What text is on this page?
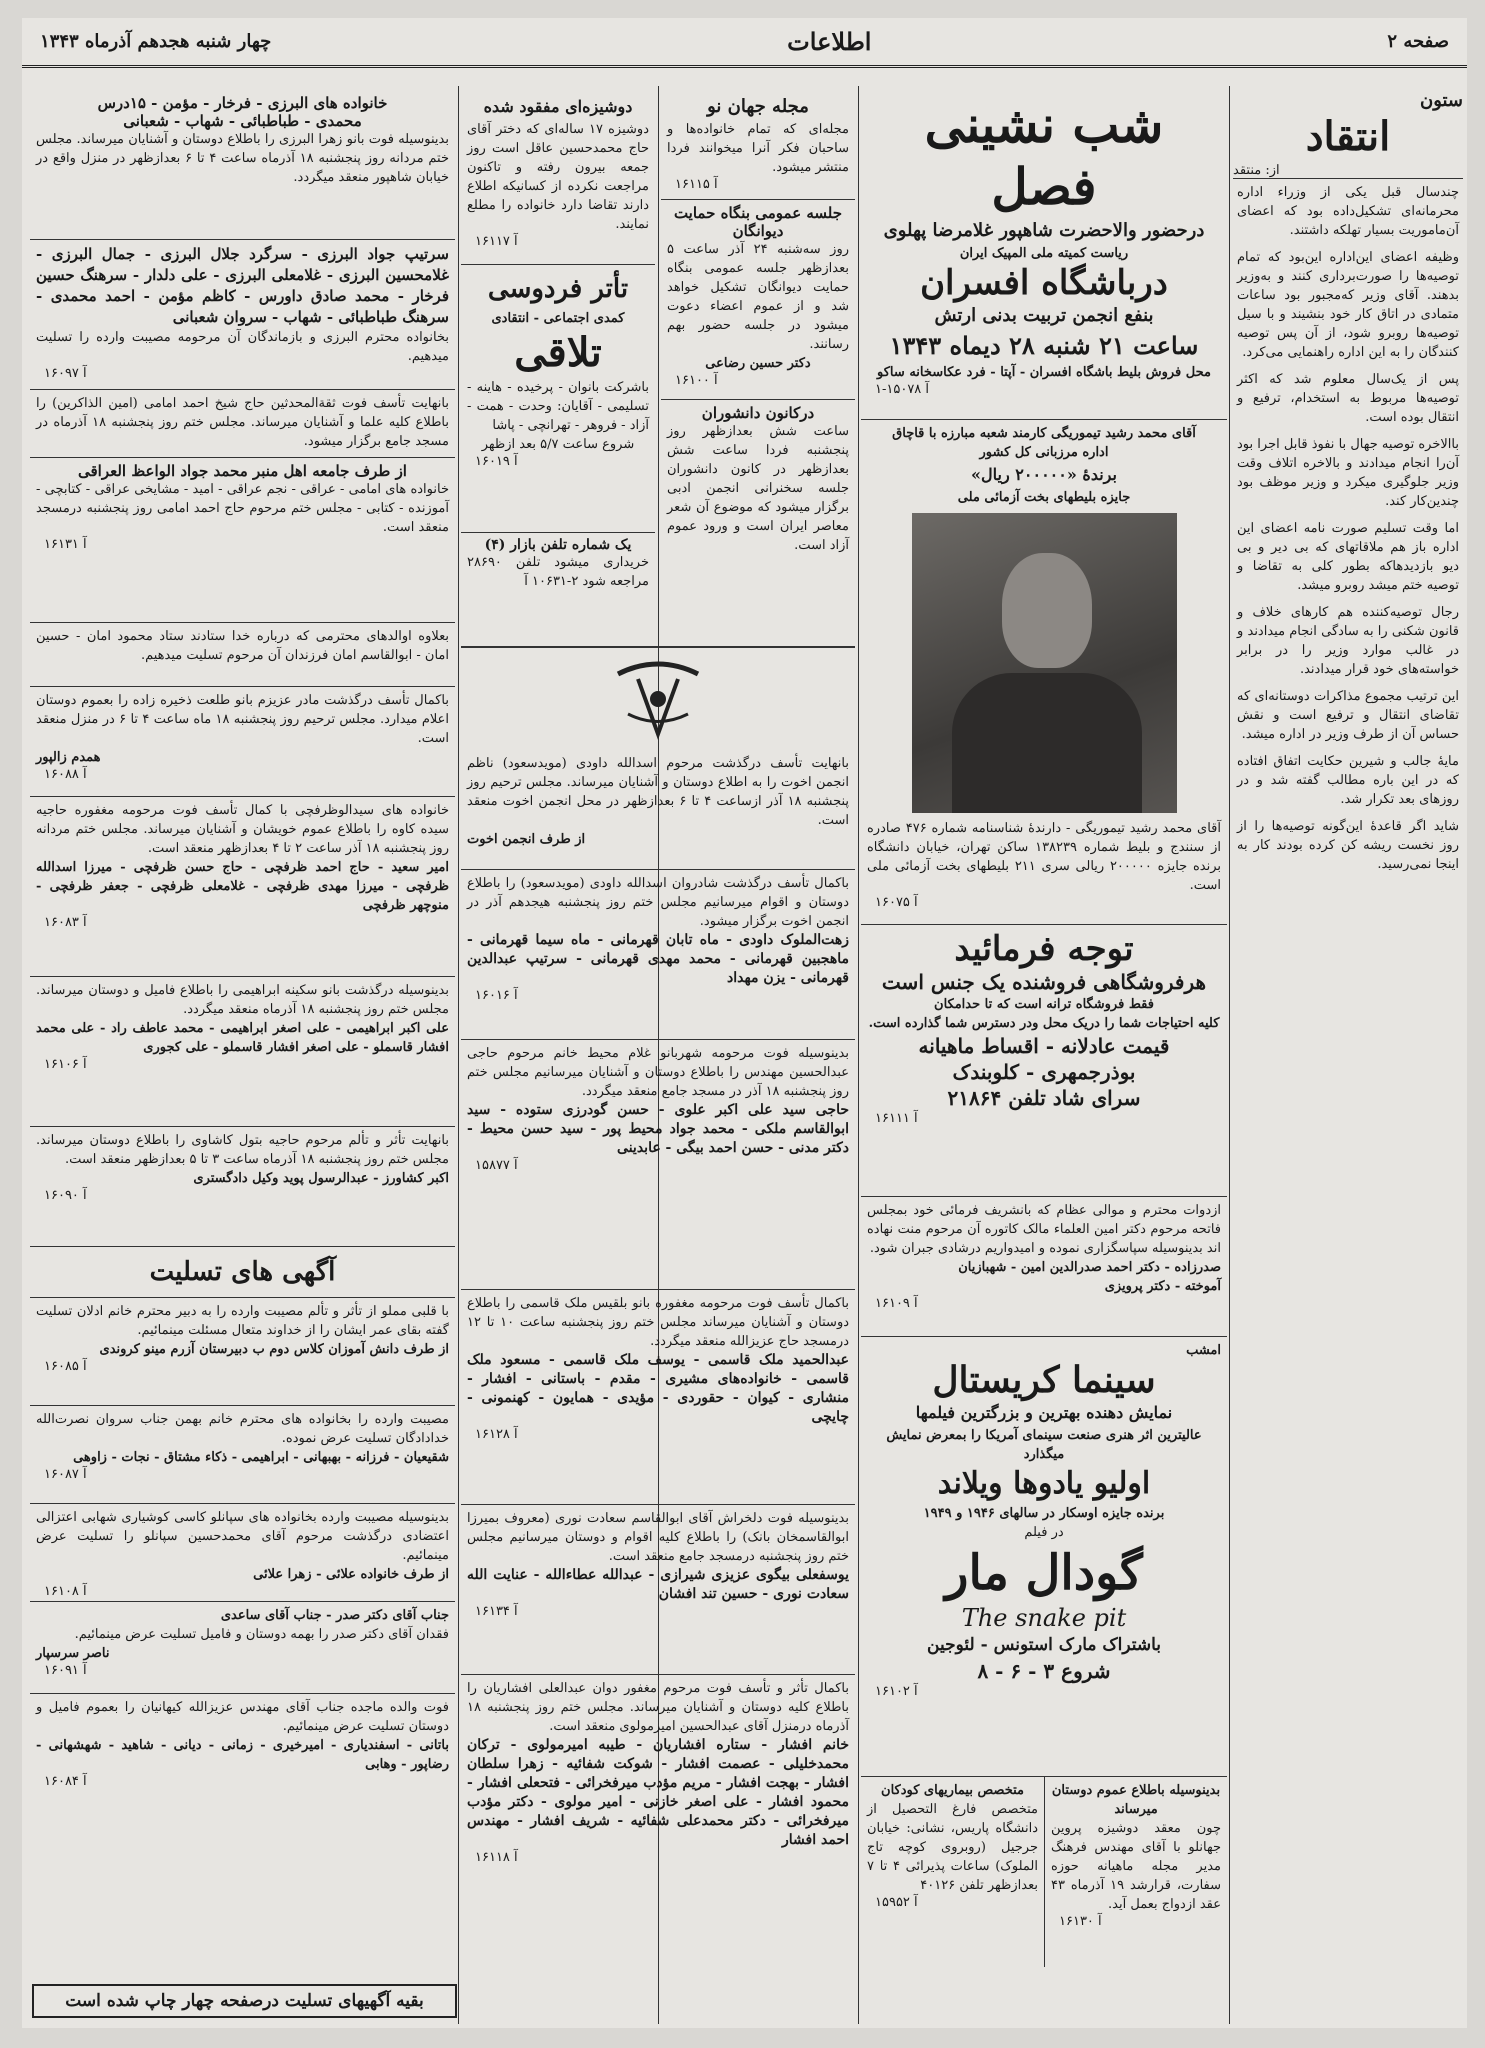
صفحه ۲
اطلاعات
چهار شنبه هجدهم آذرماه ۱۳۴۳
ستون
انتقاد
از: منتقد

چندسال قبل یکی از وزراء اداره محرمانه‌ای تشکیل‌داده بود که اعضای آن‌ماموریت بسیار تهلکه داشتند.

وظیفه اعضای این‌اداره این‌بود که تمام توصیه‌ها را صورت‌برداری کنند و به‌وزیر بدهند. آقای وزیر که‌مجبور بود ساعات متمادی در اتاق کار خود بنشیند و با سیل توصیه‌ها روبرو شود، از آن پس توصیه کنندگان را به این اداره راهنمایی می‌کرد.

پس از یک‌سال معلوم شد که اکثر توصیه‌ها مربوط به استخدام، ترفیع و انتقال بوده است.

باالاخره توصیه جهال با نفوذ قابل اجرا بود آن‌را انجام میدادند و بالاخره اتلاف وقت وزیر جلوگیری میکرد و وزیر موظف بود چندین‌کار کند.

اما وقت تسلیم صورت نامه اعضای این اداره باز هم ملاقاتهای که بی دیر و بی دیو بازدیدهاکه بطور کلی به تقاضا و توصیه ختم میشد روبرو میشد.

رجال توصیه‌کننده هم کارهای خلاف و قانون شکنی را به سادگی انجام میدادند و در غالب موارد وزیر را در برابر خواسته‌های خود قرار میدادند.

این ترتیب مجموع مذاکرات دوستانه‌ای که تقاضای انتقال و ترفیع است و نقش حساس آن از طرف وزیر در اداره میشد.

مایهٔ جالب و شیرین حکایت اتفاق افتاده که در این باره مطالب گفته شد و در روزهای بعد تکرار شد.

شاید اگر قاعدهٔ این‌گونه توصیه‌ها را از روز نخست ریشه کن کرده بودند کار به اینجا نمی‌رسید.

شب نشینی فصل
درحضور والاحضرت شاهپور غلامرضا پهلوی
ریاست کمیته ملی المپیک ایران
درباشگاه افسران
بنفع انجمن تربیت بدنی ارتش
ساعت ۲۱ شنبه ۲۸ دیماه ۱۳۴۳
محل فروش بلیط باشگاه افسران - آپتا - فرد عکاسخانه ساکو
۱-۱۵۰۷۸ آ
آقای محمد رشید تیموریگی کارمند شعبه مبارزه با قاچاق
اداره مرزبانی کل کشور
برندهٔ «۲۰۰۰۰۰ ریال»
جایزه بلیطهای بخت آزمائی ملی
آقای محمد رشید تیموریگی - دارندهٔ شناسنامه شماره ۴۷۶ صادره از سنندج و بلیط شماره ۱۳۸۲۳۹ ساکن تهران، خیابان دانشگاه برنده جایزه ۲۰۰۰۰۰ ریالی سری ۲۱۱ بلیطهای بخت آزمائی ملی است.
۱۶۰۷۵ آ
توجه فرمائید
هرفروشگاهی فروشنده یک جنس است
فقط فروشگاه ترانه است که تا حدامکان
کلیه احتیاجات شما را دریک محل ودر دسترس شما گذارده است.
قیمت عادلانه - اقساط ماهیانه
بوذرجمهری - کلوبندک
سرای شاد تلفن ۲۱۸۶۴
۱۶۱۱۱ آ
ازدوات محترم و موالی عظام که بانشریف فرمائی خود بمجلس فاتحه مرحوم دکتر امین العلماء مالک کاتوره آن مرحوم منت نهاده اند بدینوسیله سپاسگزاری نموده و امیدواریم درشادی جبران شود.
صدرزاده - دکتر احمد صدرالدین امین - شهبازیان
آموخته - دکتر پرویزی
۱۶۱۰۹ آ
امشب
سینما کریستال
نمایش دهنده بهترین و بزرگترین فیلمها
عالیترین اثر هنری صنعت سینمای آمریکا را بمعرض نمایش میگذارد
اولیو یادوها ویلاند
برنده جایزه اوسکار در سالهای ۱۹۴۶ و ۱۹۴۹
در فیلم
گودال مار
The snake pit
باشتراک مارک استونس - لئوجین
شروع ۳ - ۶ - ۸
۱۶۱۰۲ آ
بدینوسیله باطلاع عموم دوستان میرساند
چون معقد دوشیزه پروین جهانلو با آقای مهندس فرهنگ مدیر مجله ماهیانه حوزه سفارت، قرارشد ۱۹ آذرماه ۴۳ عقد ازدواج بعمل آید.
۱۶۱۳۰ آ
متخصص بیماریهای کودکان
متخصص فارغ التحصیل از دانشگاه پاریس، نشانی: خیابان جرجیل (روبروی کوچه تاج الملوک) ساعات پذیرائی ۴ تا ۷ بعدازظهر تلفن ۴۰۱۲۶
۱۵۹۵۲ آ
مجله جهان نو
مجله‌ای که تمام خانواده‌ها و ساحبان فکر آنرا میخوانند فردا منتشر میشود.
۱۶۱۱۵ آ
جلسه عمومی بنگاه حمایت دیوانگان
روز سه‌شنبه ۲۴ آذر ساعت ۵ بعدازظهر جلسه عمومی بنگاه حمایت دیوانگان تشکیل خواهد شد و از عموم اعضاء دعوت میشود در جلسه حضور بهم رسانند.
دکتر حسین رضاعی
۱۶۱۰۰ آ
درکانون دانشوران
ساعت شش بعدازظهر روز پنجشنبه فردا ساعت شش بعدازظهر در کانون دانشوران جلسه سخنرانی انجمن ادبی برگزار میشود که موضوع آن شعر معاصر ایران است و ورود عموم آزاد است.
دوشیزه‌ای مفقود شده
دوشیزه ۱۷ ساله‌ای که دختر آقای حاج محمدحسین عاقل است روز جمعه بیرون رفته و تاکنون مراجعت نکرده از کسانیکه اطلاع دارند تقاضا دارد خانواده را مطلع نمایند.
۱۶۱۱۷ آ
تأتر فردوسی
کمدی اجتماعی - انتقادی
تلاقی
باشرکت بانوان - پرخیده - هاینه - تسلیمی - آقایان: وحدت - همت - آزاد - فروهر - تهرانچی - پاشا
شروع ساعت ۵/۷ بعد ازظهر
۱۶۰۱۹ آ
یک شماره تلفن بازار (۴)
خریداری میشود تلفن ۲۸۶۹۰ مراجعه شود ۲-۱۰۶۳۱ آ
بانهایت تأسف درگذشت مرحوم اسدالله داودی (مویدسعود) ناظم انجمن اخوت را به اطلاع دوستان و آشنایان میرساند. مجلس ترحیم روز پنجشنبه ۱۸ آذر ازساعت ۴ تا ۶ بعدازظهر در محل انجمن اخوت منعقد است.
از طرف انجمن اخوت
باکمال تأسف درگذشت شادروان اسدالله داودی (مویدسعود) را باطلاع دوستان و اقوام میرسانیم مجلس ختم روز پنجشنبه هیجدهم آذر در انجمن اخوت برگزار میشود.
زهت‌الملوک داودی - ماه تابان قهرمانی - ماه سیما قهرمانی - ماهجبین قهرمانی - محمد مهدی قهرمانی - سرتیپ عبدالدین قهرمانی - یزن مهداد
۱۶۰۱۶ آ
بدینوسیله فوت مرحومه شهربانو غلام محیط خانم مرحوم حاجی عبدالحسین مهندس را باطلاع دوستان و آشنایان میرسانیم مجلس ختم روز پنجشنبه ۱۸ آذر در مسجد جامع منعقد میگردد.
حاجی سید علی اکبر علوی - حسن گودرزی ستوده - سید ابوالقاسم ملکی - محمد جواد محیط پور - سید حسن محیط - دکتر مدنی - حسن احمد بیگی - عابدینی
۱۵۸۷۷ آ
باکمال تأسف فوت مرحومه مغفوره بانو بلقیس ملک قاسمی را باطلاع دوستان و آشنایان میرساند مجلس ختم روز پنجشنبه ساعت ۱۰ تا ۱۲ درمسجد حاج عزیزالله منعقد میگردد.
عبدالحمید ملک قاسمی - یوسف ملک قاسمی - مسعود ملک قاسمی - خانواده‌های مشیری - مقدم - باستانی - افشار - منشاری - کیوان - حقوردی - مؤیدی - همایون - کهنمونی - چایچی
۱۶۱۲۸ آ
بدینوسیله فوت دلخراش آقای ابوالقاسم سعادت نوری (معروف بمیرزا ابوالقاسمخان بانک) را باطلاع کلیه اقوام و دوستان میرسانیم مجلس ختم روز پنجشنبه درمسجد جامع منعقد است.
یوسفعلی بیگوی عزیزی شیرازی - عبدالله عطاءالله - عنایت الله سعادت نوری - حسین تند افشان
۱۶۱۳۴ آ
باکمال تأثر و تأسف فوت مرحوم مغفور دوان عبدالعلی افشاریان را باطلاع کلیه دوستان و آشنایان میرساند. مجلس ختم روز پنجشنبه ۱۸ آذرماه درمنزل آقای عبدالحسین امیرمولوی منعقد است.
خانم افشار - ستاره افشاریان - طیبه امیرمولوی - ترکان محمدخلیلی - عصمت افشار - شوکت شفائیه - زهرا سلطان افشار - بهجت افشار - مریم مؤدب میرفخرائی - فتحعلی افشار - محمود افشار - علی اصغر خازنی - امیر مولوی - دکتر مؤدب میرفخرائی - دکتر محمدعلی شفائیه - شریف افشار - مهندس احمد افشار
۱۶۱۱۸ آ
خانواده های البرزی - فرخار - مؤمن - ۱۵درس
محمدی - طباطبائی - شهاب - شعبانی
بدینوسیله فوت بانو زهرا البرزی را باطلاع دوستان و آشنایان میرساند. مجلس ختم مردانه روز پنجشنبه ۱۸ آذرماه ساعت ۴ تا ۶ بعدازظهر در منزل واقع در خیابان شاهپور منعقد میگردد.
سرتیپ جواد البرزی - سرگرد جلال البرزی - جمال البرزی - غلامحسین البرزی - غلامعلی البرزی - علی دلدار - سرهنگ حسین فرخار - محمد صادق داورس - کاظم مؤمن - احمد محمدی - سرهنگ طباطبائی - شهاب - سروان شعبانی
بخانواده محترم البرزی و بازماندگان آن مرحومه مصیبت وارده را تسلیت میدهیم.
۱۶۰۹۷ آ
بانهایت تأسف فوت ثقة‌المحدثین حاج شیخ احمد امامی (امین الذاکرین) را باطلاع کلیه علما و آشنایان میرساند. مجلس ختم روز پنجشنبه ۱۸ آذرماه در مسجد جامع برگزار میشود.
از طرف جامعه اهل منبر محمد جواد الواعظ العراقی
خانواده های امامی - عراقی - نجم عراقی - امید - مشایخی عراقی - کتابچی - آموزنده - کتابی - مجلس ختم مرحوم حاج احمد امامی روز پنجشنبه درمسجد منعقد است.
۱۶۱۳۱ آ
بعلاوه اوالدهای محترمی که درباره خدا ستادند ستاد محمود امان - حسین امان - ابوالقاسم امان فرزندان آن مرحوم تسلیت میدهیم.
باکمال تأسف درگذشت مادر عزیزم بانو طلعت ذخیره زاده را بعموم دوستان اعلام میدارد. مجلس ترحیم روز پنجشنبه ۱۸ ماه ساعت ۴ تا ۶ در منزل منعقد است.
همدم زالپور
۱۶۰۸۸ آ
خانواده های سیدالوظرفچی با کمال تأسف فوت مرحومه مغفوره حاجیه سیده کاوه را باطلاع عموم خویشان و آشنایان میرساند. مجلس ختم مردانه روز پنجشنبه ۱۸ آذر ساعت ۲ تا ۴ بعدازظهر منعقد است.
امیر سعید - حاج احمد ظرفچی - حاج حسن ظرفچی - میرزا اسدالله ظرفچی - میرزا مهدی ظرفچی - غلامعلی ظرفچی - جعفر ظرفچی - منوچهر ظرفچی
۱۶۰۸۳ آ
بدینوسیله درگذشت بانو سکینه ابراهیمی را باطلاع فامیل و دوستان میرساند. مجلس ختم روز پنجشنبه ۱۸ آذرماه منعقد میگردد.
علی اکبر ابراهیمی - علی اصغر ابراهیمی - محمد عاطف راد - علی محمد افشار قاسملو - علی اصغر افشار قاسملو - علی کجوری
۱۶۱۰۶ آ
بانهایت تأثر و تألم مرحوم حاجیه بتول کاشاوی را باطلاع دوستان میرساند. مجلس ختم روز پنجشنبه ۱۸ آذرماه ساعت ۳ تا ۵ بعدازظهر منعقد است.
اکبر کشاورز - عبدالرسول پوید وکیل دادگستری
۱۶۰۹۰ آ
آگهی های تسلیت
با قلبی مملو از تأثر و تألم مصیبت وارده را به دبیر محترم خانم ادلان تسلیت گفته بقای عمر ایشان را از خداوند متعال مسئلت مینمائیم.
از طرف دانش آموزان کلاس دوم ب دبیرستان آزرم مینو کروندی
۱۶۰۸۵ آ
مصیبت وارده را بخانواده های محترم خانم بهمن جناب سروان نصرت‌الله خداداد‌گان تسلیت عرض نموده.
شقیعیان - فرزانه - بهبهانی - ابراهیمی - ذکاء مشتاق - نجات - زاوهی
۱۶۰۸۷ آ
بدینوسیله مصیبت وارده بخانواده های سپانلو کاسی کوشیاری شهابی اعتزالی اعتضادی درگذشت مرحوم آقای محمدحسین سپانلو را تسلیت عرض مینمائیم.
از طرف خانواده علائی - زهرا علائی
۱۶۱۰۸ آ
جناب آقای دکتر صدر - جناب آقای ساعدی
فقدان آقای دکتر صدر را بهمه دوستان و فامیل تسلیت عرض مینمائیم.
ناصر سرسپار
۱۶۰۹۱ آ
فوت والده ماجده جناب آقای مهندس عزیزالله کیهانیان را بعموم فامیل و دوستان تسلیت عرض مینمائیم.
باتانی - اسفندیاری - امیرخیری - زمانی - دیانی - شاهید - شهشهانی - رضاپور - وهابی
۱۶۰۸۴ آ
بقیه آگهیهای تسلیت درصفحه چهار چاپ شده است
